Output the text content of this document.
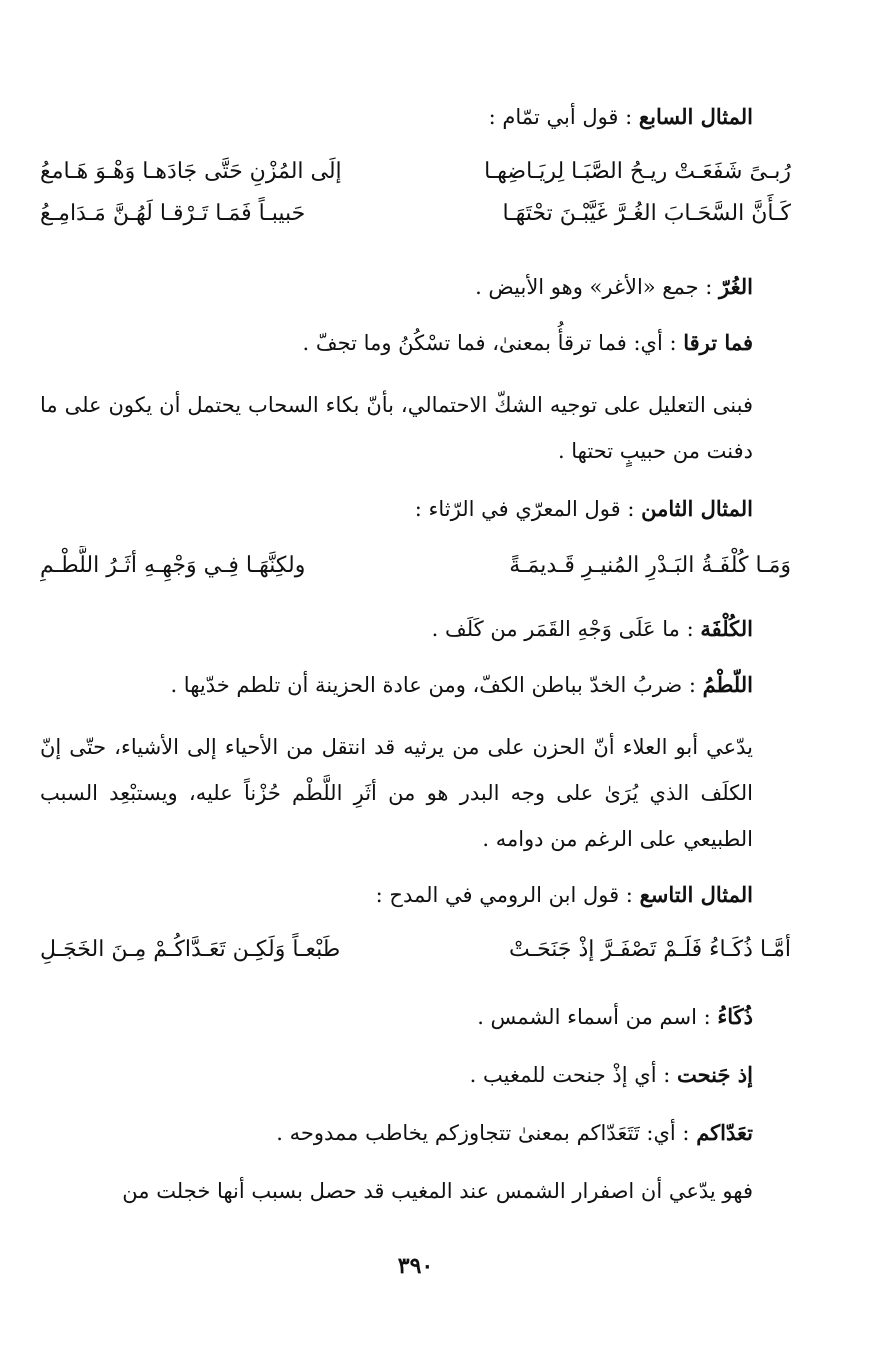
المثال السابع : قول أبي تمّام :
رُبـىً شَفَعَـتْ ريـحُ الصَّبَـا لِريَـاضِهـا
إلَى المُزْنِ حَتَّى جَادَهـا وَهْـوَ هَـامعُ
كَـأَنَّ السَّحَـابَ الغُـرَّ غَيَّبْـنَ تحْتَهَـا
حَبيبـاً فَمَـا تَـرْقـا لَهُـنَّ مَـدَامِـعُ
الغُرّ : جمع «الأغر» وهو الأبيض .
فما ترقا : أي: فما ترقأُ بمعنىٰ، فما تسْكُنُ وما تجفّ .
فبنى التعليل على توجيه الشكّ الاحتمالي، بأنّ بكاء السحاب يحتمل أن يكون على ما دفنت من حبيبٍ تحتها .
المثال الثامن : قول المعرّي في الرّثاء :
وَمَـا كُلْفَـةُ البَـدْرِ المُنيـرِ قَـديمَـةً
ولكِنَّهَـا فِـي وَجْهِـهِ أثَـرُ اللَّطْـمِ
الكُلْفَة : ما عَلَى وَجْهِ القَمَر من كَلَف .
اللّطْمُ : ضربُ الخدّ بباطن الكفّ، ومن عادة الحزينة أن تلطم خدّيها .
يدّعي أبو العلاء أنّ الحزن على من يرثيه قد انتقل من الأحياء إلى الأشياء، حتّى إنّ الكلَف الذي يُرَىٰ على وجه البدر هو من أثَرِ اللَّطْم حُزْناً عليه، ويستبْعِد السبب الطبيعي على الرغم من دوامه .
المثال التاسع : قول ابن الرومي في المدح :
أمَّـا ذُكَـاءُ فَلَـمْ تَصْفَـرَّ إذْ جَنَحَـتْ
طَبْعـاً وَلَكِـن تَعَـدَّاكُـمْ مِـنَ الخَجَـلِ
ذُكَاءُ : اسم من أسماء الشمس .
إذ جَنحت : أي إذْ جنحت للمغيب .
تعَدّاكم : أي: تَتَعَدّاكم بمعنىٰ تتجاوزكم يخاطب ممدوحه .
فهو يدّعي أن اصفرار الشمس عند المغيب قد حصل بسبب أنها خجلت من
٣٩٠
